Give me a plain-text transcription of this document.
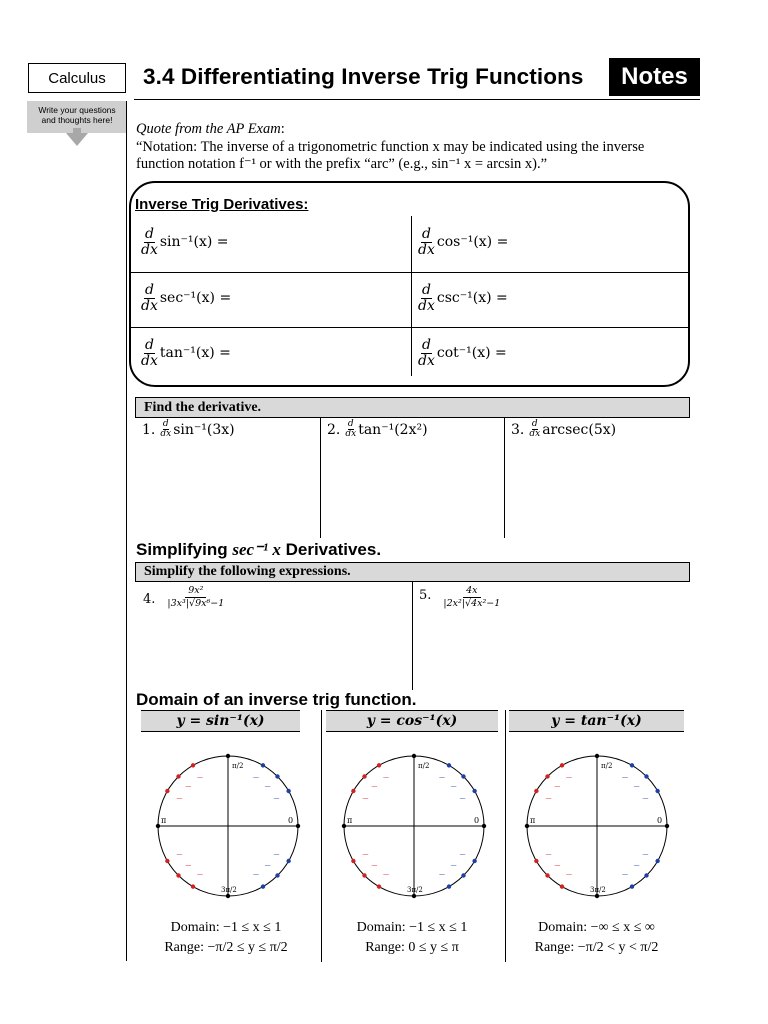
Calculus
Write your questions
and thoughts here!
3.4 Differentiating Inverse Trig Functions	Notes
Quote from the AP Exam:
“Notation: The inverse of a trigonometric function x may be indicated using the inverse
function notation f⁻¹ or with the prefix “arc” (e.g., sin⁻¹ x = arcsin x).”
Inverse Trig Derivatives:
$\frac{d}{dx} \sin^{-1}(x)$ =	$\frac{d}{dx} \cos^{-1}(x)$ =
$\frac{d}{dx} \sec^{-1}(x)$ =	$\frac{d}{dx} \csc^{-1}(x)$ =
$\frac{d}{dx} \tan^{-1}(x)$ =	$\frac{d}{dx} \cot^{-1}(x)$ =
Find the derivative.
1. $\frac{d}{dx} \sin^{-1}(3x)$	2. $\frac{d}{dx} \tan^{-1}(2x^2)$	3. $\frac{d}{dx} arcsec(5x)$
Simplifying sec⁻¹ x Derivatives.
Simplify the following expressions.
4. $\frac{\text{9x²}}{\text{|3x³|√9x⁶−1}}$	5. $\frac{4x}{\text{|2x²|√4x²−1}}$
Domain of an inverse trig function.
y = sin⁻¹(x)	y = cos⁻¹(x)	y = tan⁻¹(x)
—
—
—
—
—
—
—
—
—	—
—
—
π/2
3π/2
π	0
—
—
—
—
—
—
—
—
—	—
—
—
π/2
3π/2
π	0
—
—
—
—
—
—
—
—
—	—
—
—
π/2
3π/2
π	0
Domain: −1 ≤ x ≤ 1
Range: −π/2 ≤ y ≤ π/2
Domain: −1 ≤ x ≤ 1
Range: 0 ≤ y ≤ π
Domain: −∞ ≤ x ≤ ∞
Range: −π/2 < y < π/2
